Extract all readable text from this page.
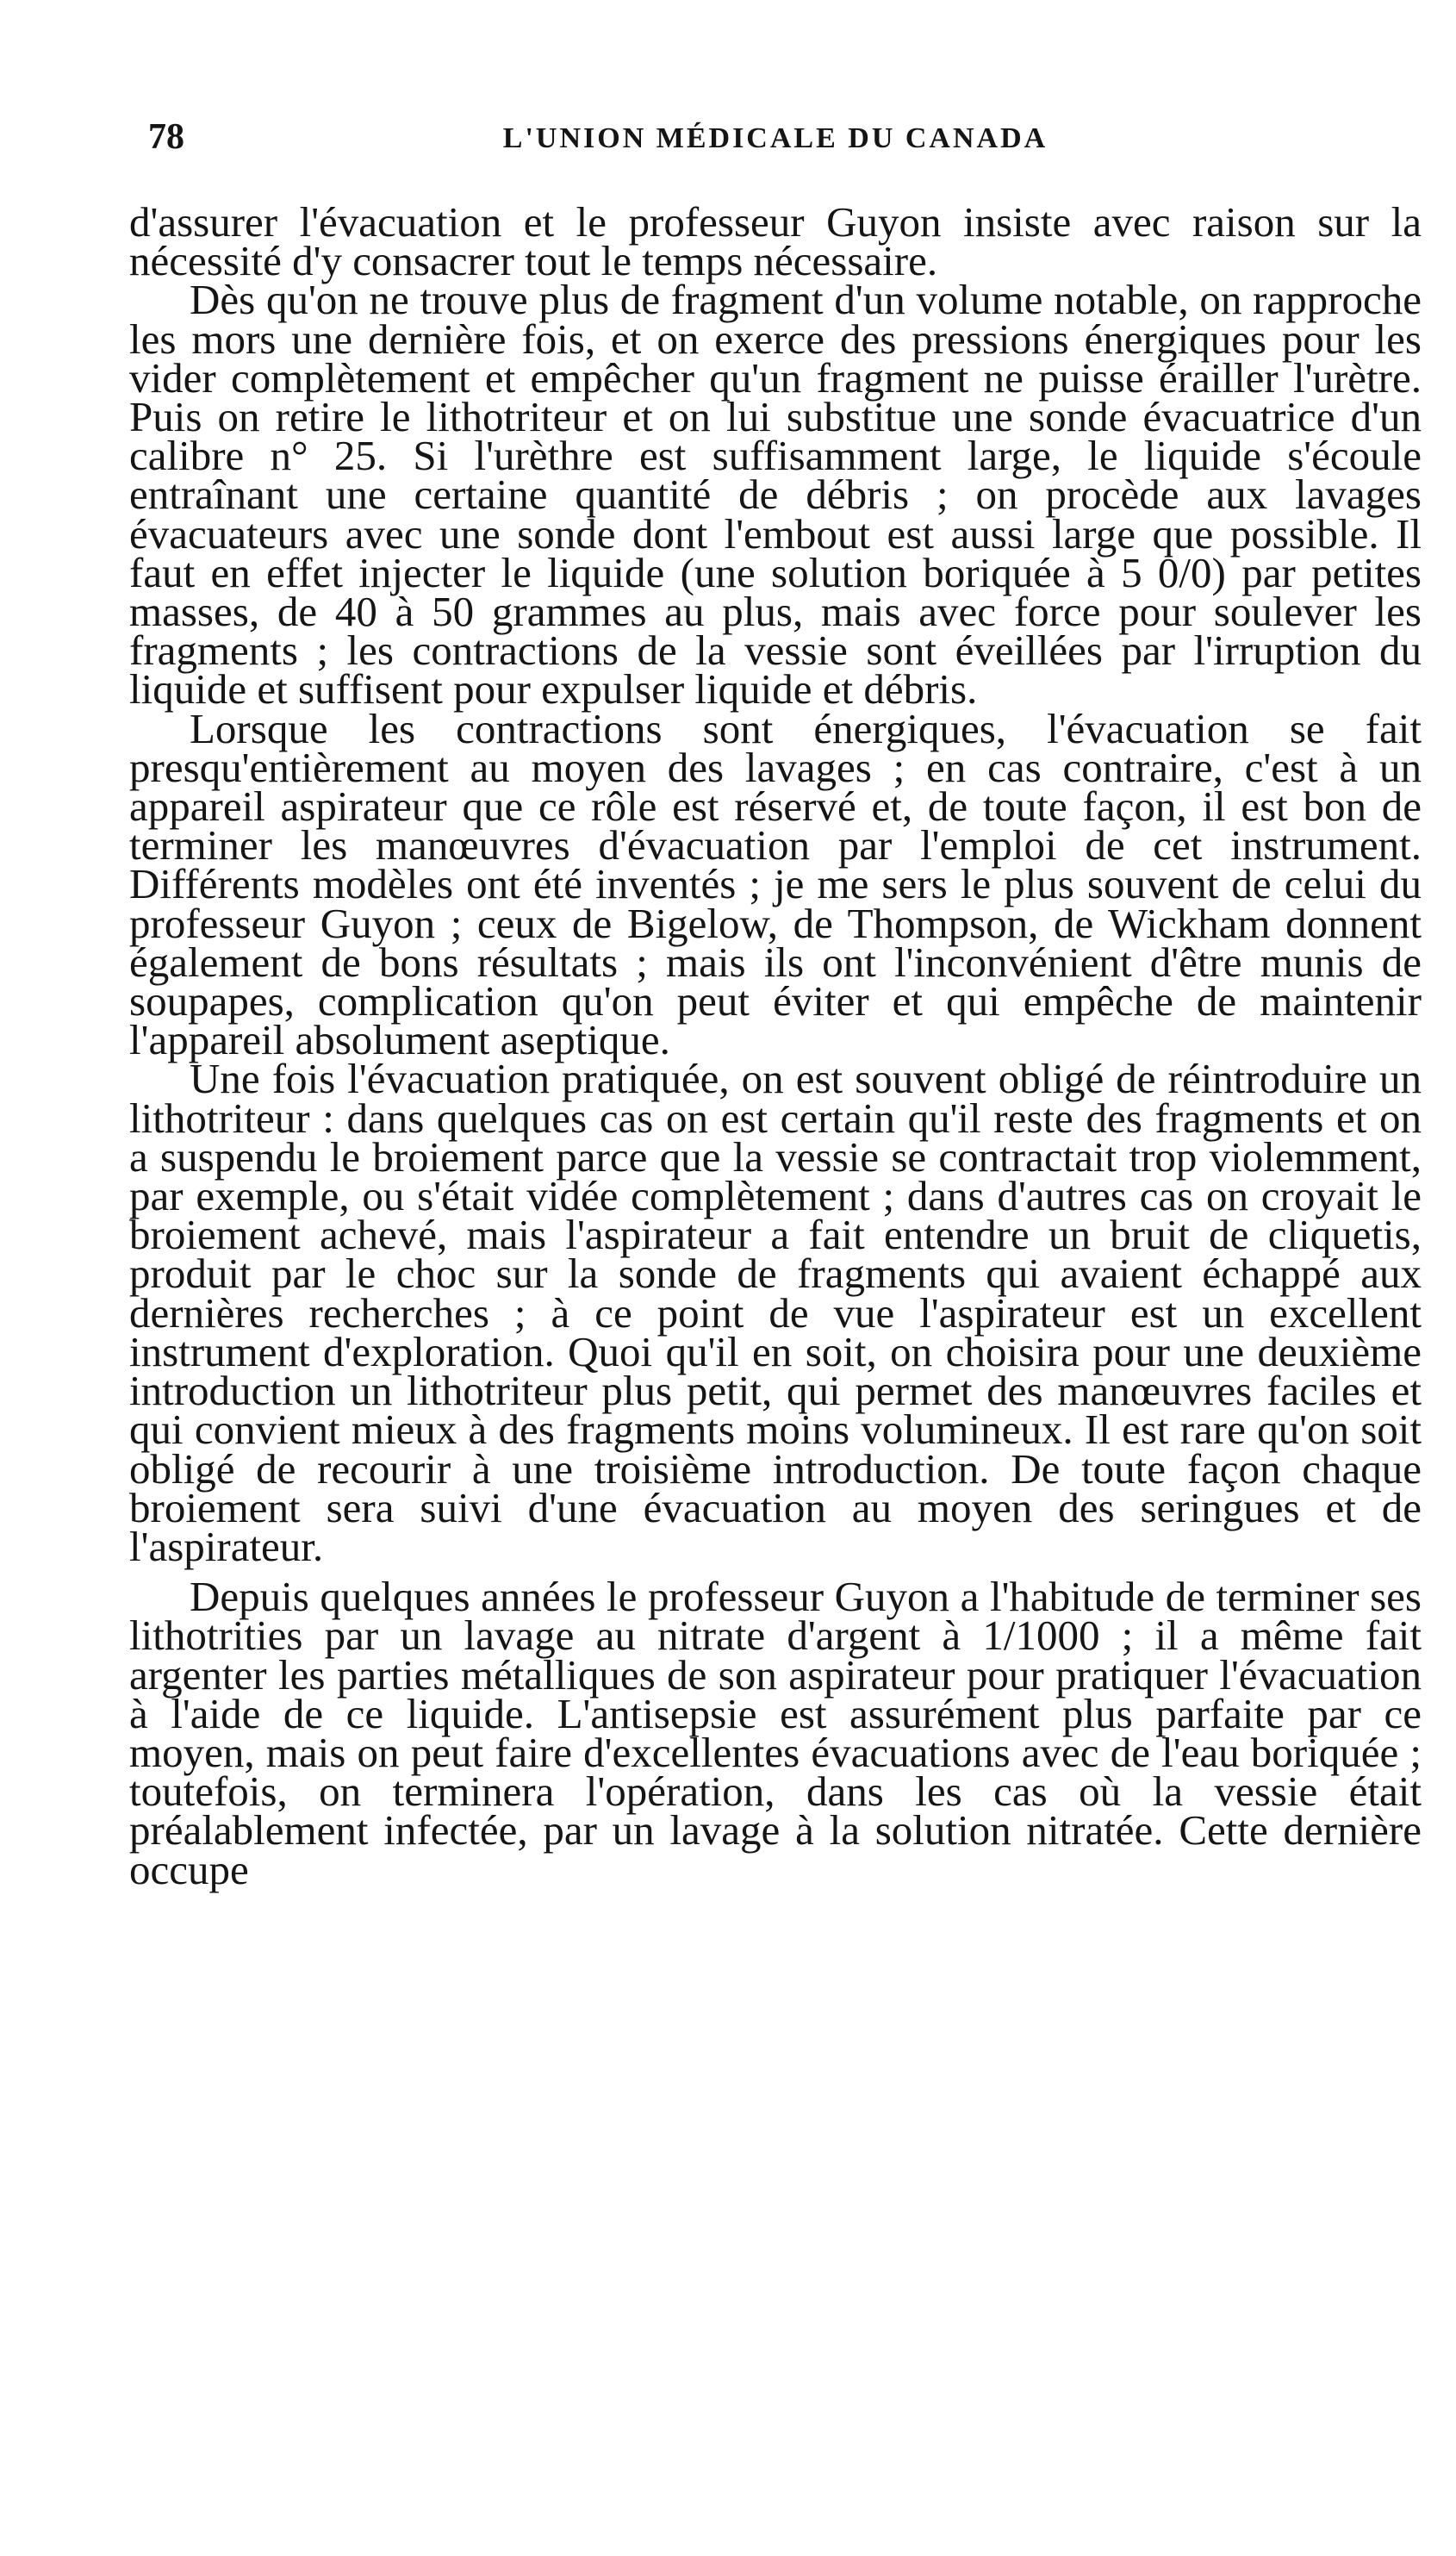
78	L'UNION MÉDICALE DU CANADA

d'assurer l'évacuation et le professeur Guyon insiste avec raison sur la nécessité d'y consacrer tout le temps nécessaire.

Dès qu'on ne trouve plus de fragment d'un volume notable, on rapproche les mors une dernière fois, et on exerce des pressions énergiques pour les vider complètement et empêcher qu'un fragment ne puisse érailler l'urètre. Puis on retire le lithotriteur et on lui substitue une sonde évacuatrice d'un calibre n° 25. Si l'urèthre est suffisamment large, le liquide s'écoule entraînant une certaine quantité de débris ; on procède aux lavages évacuateurs avec une sonde dont l'embout est aussi large que possible. Il faut en effet injecter le liquide (une solution boriquée à 5 0/0) par petites masses, de 40 à 50 grammes au plus, mais avec force pour soulever les fragments ; les contractions de la vessie sont éveillées par l'irruption du liquide et suffisent pour expulser liquide et débris.

Lorsque les contractions sont énergiques, l'évacuation se fait presqu'entièrement au moyen des lavages ; en cas contraire, c'est à un appareil aspirateur que ce rôle est réservé et, de toute façon, il est bon de terminer les manœuvres d'évacuation par l'emploi de cet instrument. Différents modèles ont été inventés ; je me sers le plus souvent de celui du professeur Guyon ; ceux de Bigelow, de Thompson, de Wickham donnent également de bons résultats ; mais ils ont l'inconvénient d'être munis de soupapes, complication qu'on peut éviter et qui empêche de maintenir l'appareil absolument aseptique.

Une fois l'évacuation pratiquée, on est souvent obligé de réintroduire un lithotriteur : dans quelques cas on est certain qu'il reste des fragments et on a suspendu le broiement parce que la vessie se contractait trop violemment, par exemple, ou s'était vidée complètement ; dans d'autres cas on croyait le broiement achevé, mais l'aspirateur a fait entendre un bruit de cliquetis, produit par le choc sur la sonde de fragments qui avaient échappé aux dernières recherches ; à ce point de vue l'aspirateur est un excellent instrument d'exploration. Quoi qu'il en soit, on choisira pour une deuxième introduction un lithotriteur plus petit, qui permet des manœuvres faciles et qui convient mieux à des fragments moins volumineux. Il est rare qu'on soit obligé de recourir à une troisième introduction. De toute façon chaque broiement sera suivi d'une évacuation au moyen des seringues et de l'aspirateur.

Depuis quelques années le professeur Guyon a l'habitude de terminer ses lithotrities par un lavage au nitrate d'argent à 1/1000 ; il a même fait argenter les parties métalliques de son aspirateur pour pratiquer l'évacuation à l'aide de ce liquide. L'antisepsie est assurément plus parfaite par ce moyen, mais on peut faire d'excellentes évacuations avec de l'eau boriquée ; toutefois, on terminera l'opération, dans les cas où la vessie était préalablement infectée, par un lavage à la solution nitratée. Cette dernière occupe
